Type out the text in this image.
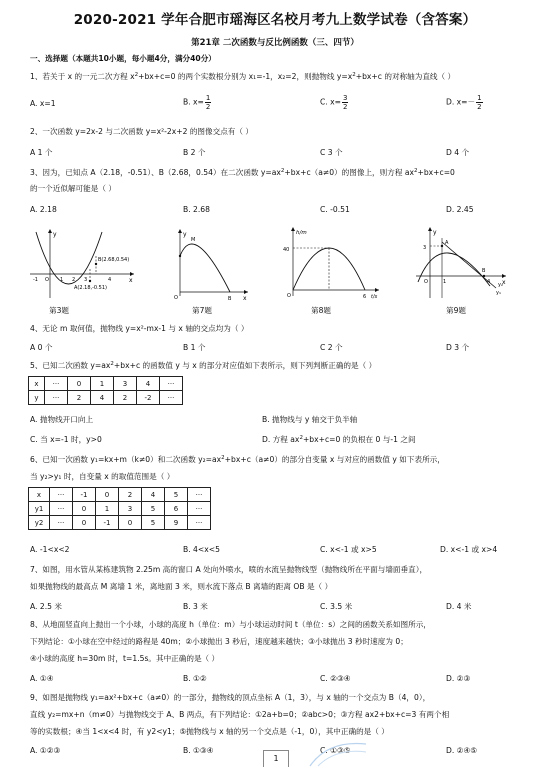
2020-2021 学年合肥市瑶海区名校月考九上数学试卷（含答案）
第21章 二次函数与反比例函数（三、四节）
一、选择题（本题共10小题，每小题4分，满分40分）
1、若关于 x 的一元二次方程 $x^2+bx+c=0$ 的两个实数根分别为 x₁=-1，x₂=2，则抛物线 $y=x^2+bx+c$ 的对称轴为直线（ ）
A. x=1	B. $x= \frac{1}{2}$	C. $x= \frac{3}{2}$	D. $x=- \frac{1}{2}$
2、一次函数 y=2x-2 与二次函数 y=x²-2x+2 的图像交点有（ ）
A 1 个	B 2 个	C 3 个	D 4 个
3、因为，已知点 A（2.18，-0.51）、B（2.68，0.54）在二次函数 $y=ax^2+bx+c(a\ne 0)$的图像上，则方程 $ax^2+bx+c=0$
的一个近似解可能是（ ）
A. 2.18	B. 2.68	C. -0.51	D. 2.45
y
x
O
-1	1 2 3	4
B(2.68,0.54)
A(2.18,-0.51)
y
x
O
M
B
h/m
t/s
O
40
6
y
x
O
A
B
3
1	4
y₁
y₂
第3题	第7题	第8题	第9题
4、无论 m 取何值，抛物线 y=x²-mx-1 与 x 轴的交点均为（ ）
A 0 个	B 1 个	C 2 个	D 3 个
5、已知二次函数 $y=ax^2+bx+c$ 的函数值 y 与 x 的部分对应值如下表所示，则下列判断正确的是（ ）
x	···	0	1	3	4	···
y	···	2	4	2	-2	···
A. 抛物线开口向上	B. 抛物线与 y 轴交于负半轴
C. 当 x=-1 时，y>0	D. 方程 $ax^2+bx+c=0$ 的负根在 0 与-1 之间
6、已知一次函数 y₁=kx+m（k≠0）和二次函数 $y_2=ax^2+bx+c(a\ne 0)$的部分自变量 x 与对应的函数值 y 如下表所示，
当 y₂>y₁ 时，自变量 x 的取值范围是（ ）
x	···	-1	0	2	4	5	···
y1	···	0	1	3	5	6	···
y2	···	0	-1	0	5	9	···
A. -1<x<2	B. 4<x<5	C. x<-1 或 x>5	D. x<-1 或 x>4
7、如图，用水管从某栋建筑物 2.25m 高的窗口 A 处向外喷水，喷的水流呈抛物线型（抛物线所在平面与墙面垂直），
如果抛物线的最高点 M 离墙 1 米，离地面 3 米，则水流下落点 B 离墙的距离 OB 是（ ）
A. 2.5 米	B. 3 米	C. 3.5 米	D. 4 米
8、从地面竖直向上抛出一个小球，小球的高度 h（单位：m）与小球运动时间 t（单位：s）之间的函数关系如图所示，
下列结论：①小球在空中经过的路程是 40m；②小球抛出 3 秒后，速度越来越快；③小球抛出 3 秒时速度为 0；
④小球的高度 h=30m 时，t=1.5s。其中正确的是（ ）
A. ①④	B. ①②	C. ②③④	D. ②③
9、如图是抛物线 y₁=ax²+bx+c（a≠0）的一部分，抛物线的顶点坐标 A（1，3），与 x 轴的一个交点为 B（4，0），
直线 y₂=mx+n（m≠0）与抛物线交于 A、B 两点，有下列结论：①2a+b=0；②abc>0；③方程 ax2+bx+c=3 有两个相
等的实数根；④当 1<x<4 时，有 y2<y1；⑤抛物线与 x 轴的另一个交点是（-1，0），其中正确的是（ ）
A. ①②③	B. ①③④	C. ①③⑤	D. ②④⑤
1
